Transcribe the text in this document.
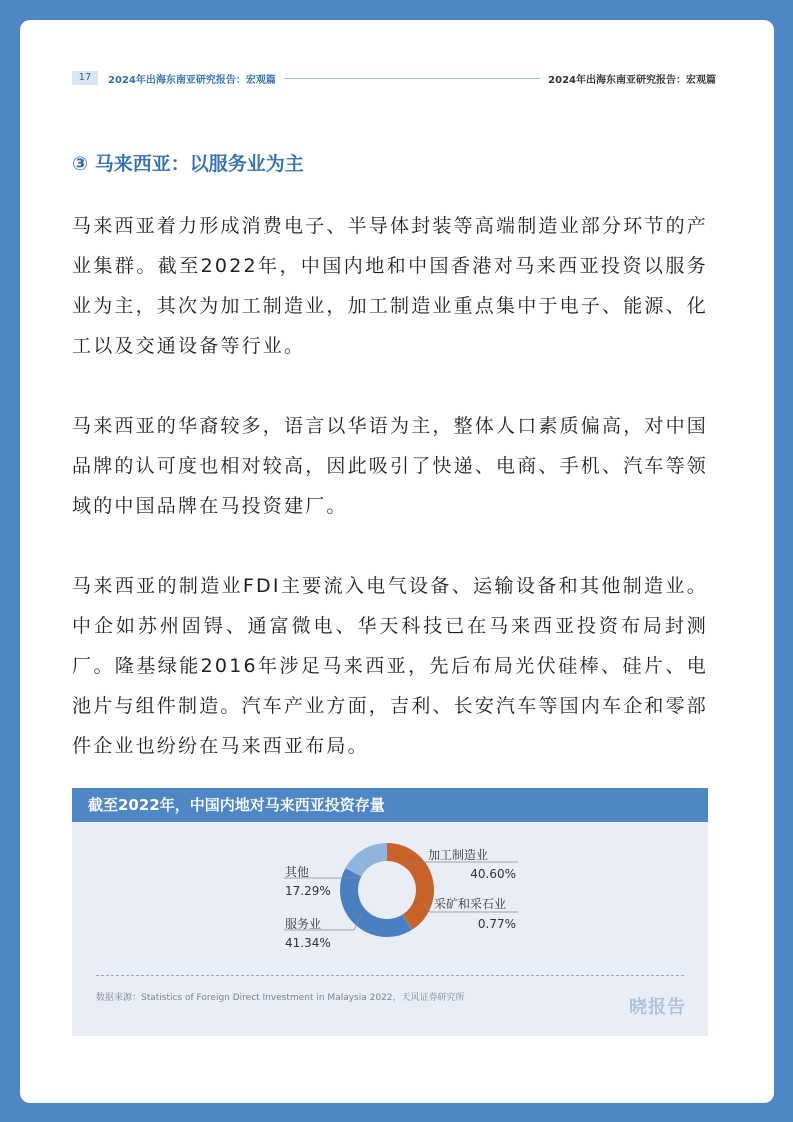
17	2024年出海东南亚研究报告：宏观篇	2024年出海东南亚研究报告：宏观篇
③ 马来西亚：以服务业为主

马来西亚着力形成消费电子、半导体封装等高端制造业部分环节的产业集群。截至2022年，中国内地和中国香港对马来西亚投资以服务业为主，其次为加工制造业，加工制造业重点集中于电子、能源、化工以及交通设备等行业。

马来西亚的华裔较多，语言以华语为主，整体人口素质偏高，对中国品牌的认可度也相对较高，因此吸引了快递、电商、手机、汽车等领域的中国品牌在马投资建厂。

马来西亚的制造业FDI主要流入电气设备、运输设备和其他制造业。中企如苏州固锝、通富微电、华天科技已在马来西亚投资布局封测厂。隆基绿能2016年涉足马来西亚，先后布局光伏硅棒、硅片、电池片与组件制造。汽车产业方面，吉利、长安汽车等国内车企和零部件企业也纷纷在马来西亚布局。

截至2022年，中国内地对马来西亚投资存量
加工制造业
40.60%
采矿和采石业
0.77%
其他
17.29%
服务业
41.34%
数据来源：Statistics of Foreign Direct Investment in Malaysia 2022，天风证券研究所	晓报告
